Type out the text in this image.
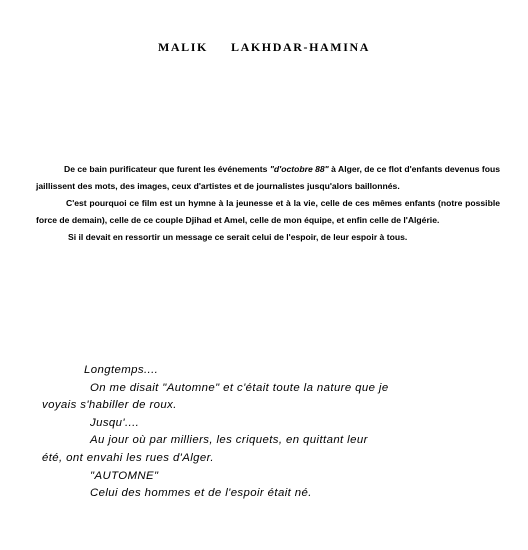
MALIK     LAKHDAR-HAMINA

De ce bain purificateur que furent les événements "d'octobre 88" à Alger, de ce flot d'enfants devenus fous jaillissent des mots, des images, ceux d'artistes et de journalistes jusqu'alors baillonnés.

C'est pourquoi ce film est un hymne à la jeunesse et à la vie, celle de ces mêmes enfants (notre possible force de demain), celle de ce couple Djihad et Amel, celle de mon équipe, et enfin celle de l'Algérie.

Si il devait en ressortir un message ce serait celui de l'espoir, de leur espoir à tous.

Longtemps....
On me disait "Automne" et c'était toute la nature que je
voyais s'habiller de roux.
Jusqu'....
Au jour où par milliers, les criquets, en quittant leur
été, ont envahi les rues d'Alger.
"AUTOMNE"
Celui des hommes et de l'espoir était né.
